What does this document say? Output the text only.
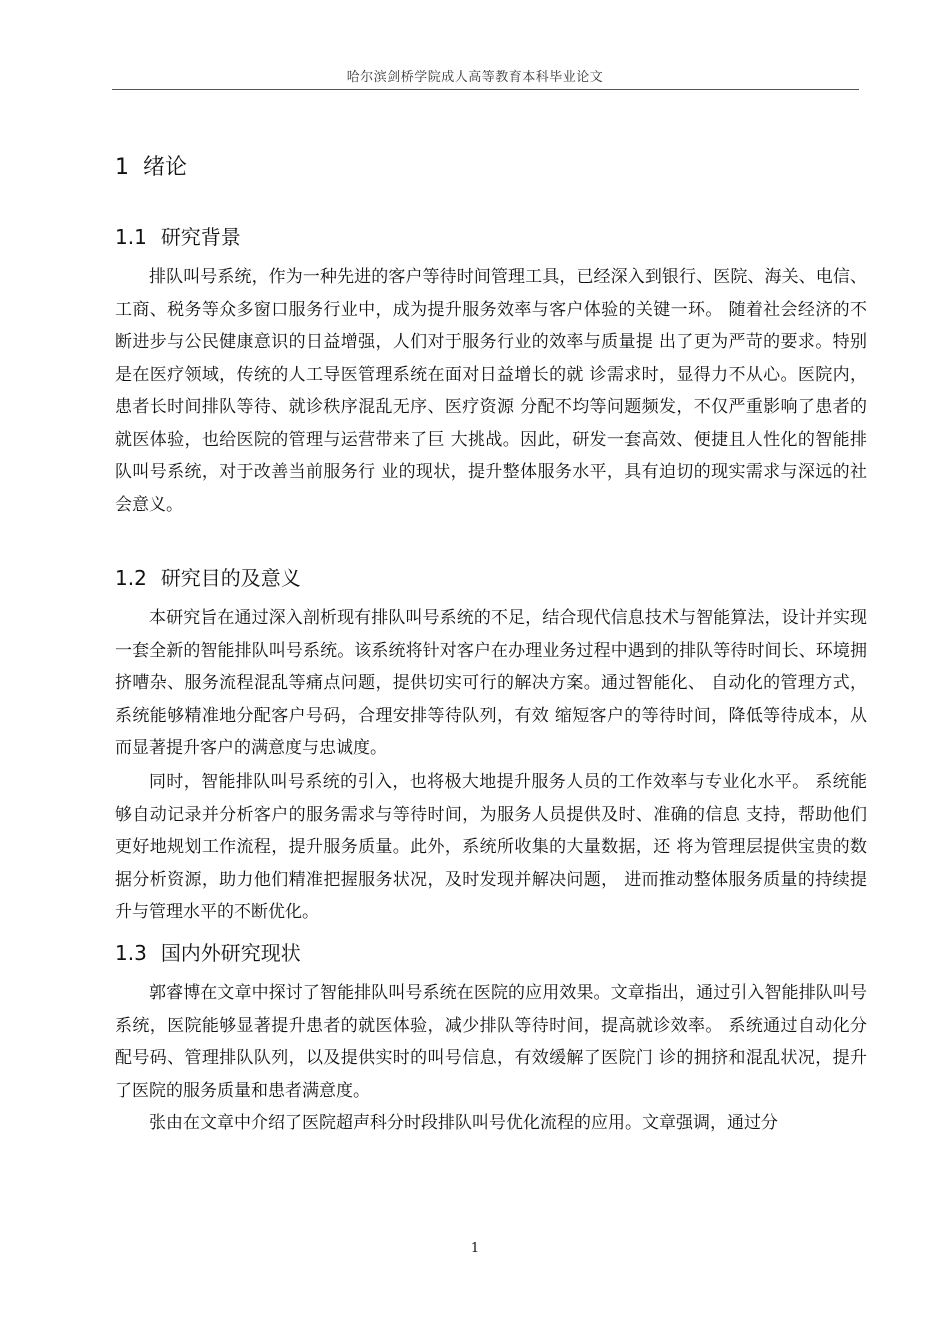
哈尔滨剑桥学院成人高等教育本科毕业论文
1 绪论
1.1 研究背景

排队叫号系统，作为一种先进的客户等待时间管理工具，已经深入到银行、医院、海关、电信、工商、税务等众多窗口服务行业中，成为提升服务效率与客户体验的关键一环。 随着社会经济的不断进步与公民健康意识的日益增强，人们对于服务行业的效率与质量提 出了更为严苛的要求。特别是在医疗领域，传统的人工导医管理系统在面对日益增长的就 诊需求时，显得力不从心。医院内，患者长时间排队等待、就诊秩序混乱无序、医疗资源 分配不均等问题频发，不仅严重影响了患者的就医体验，也给医院的管理与运营带来了巨 大挑战。因此，研发一套高效、便捷且人性化的智能排队叫号系统，对于改善当前服务行 业的现状，提升整体服务水平，具有迫切的现实需求与深远的社会意义。

1.2 研究目的及意义

本研究旨在通过深入剖析现有排队叫号系统的不足，结合现代信息技术与智能算法，设计并实现一套全新的智能排队叫号系统。该系统将针对客户在办理业务过程中遇到的排队等待时间长、环境拥挤嘈杂、服务流程混乱等痛点问题，提供切实可行的解决方案。通过智能化、 自动化的管理方式，系统能够精准地分配客户号码，合理安排等待队列，有效 缩短客户的等待时间，降低等待成本，从而显著提升客户的满意度与忠诚度。

同时，智能排队叫号系统的引入，也将极大地提升服务人员的工作效率与专业化水平。 系统能够自动记录并分析客户的服务需求与等待时间，为服务人员提供及时、准确的信息 支持，帮助他们更好地规划工作流程，提升服务质量。此外，系统所收集的大量数据，还 将为管理层提供宝贵的数据分析资源，助力他们精准把握服务状况，及时发现并解决问题， 进而推动整体服务质量的持续提升与管理水平的不断优化。

1.3 国内外研究现状

郭睿博在文章中探讨了智能排队叫号系统在医院的应用效果。文章指出，通过引入智能排队叫号系统，医院能够显著提升患者的就医体验，减少排队等待时间，提高就诊效率。 系统通过自动化分配号码、管理排队队列，以及提供实时的叫号信息，有效缓解了医院门 诊的拥挤和混乱状况，提升了医院的服务质量和患者满意度。

张由在文章中介绍了医院超声科分时段排队叫号优化流程的应用。文章强调，通过分

1
